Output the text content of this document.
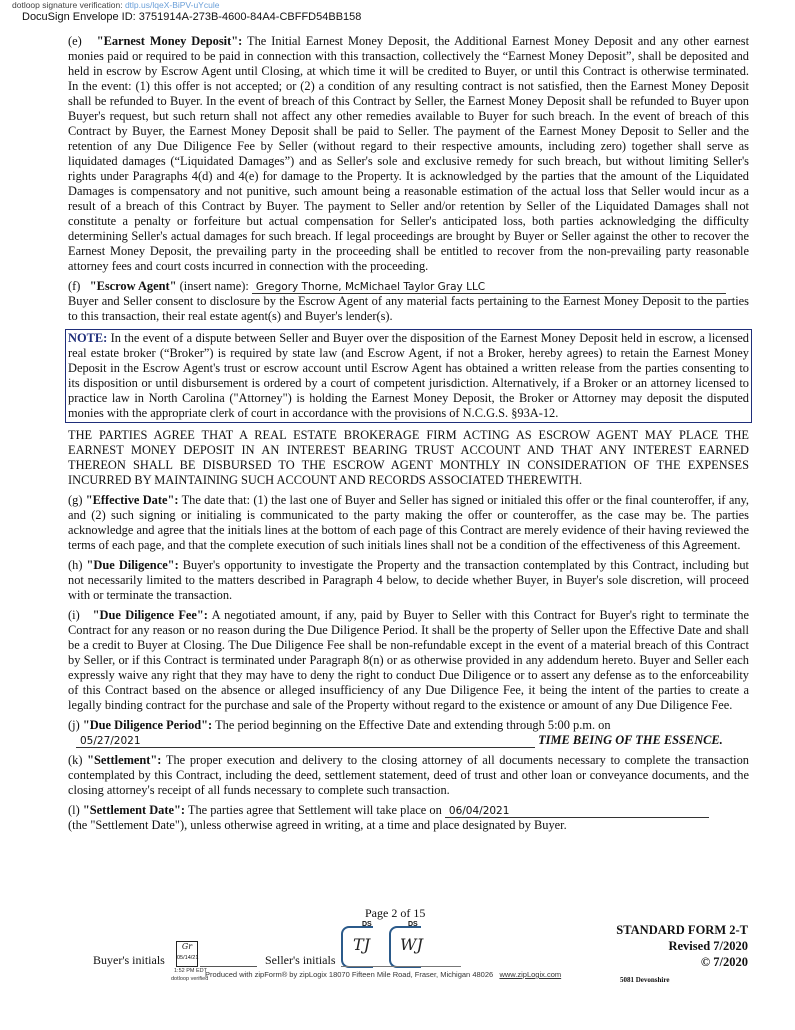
dotloop signature verification: dtlp.us/lqeX-BiPV-uYcule
DocuSign Envelope ID: 3751914A-273B-4600-84A4-CBFFD54BB158

(e) "Earnest Money Deposit": The Initial Earnest Money Deposit, the Additional Earnest Money Deposit and any other earnest monies paid or required to be paid in connection with this transaction, collectively the “Earnest Money Deposit”, shall be deposited and held in escrow by Escrow Agent until Closing, at which time it will be credited to Buyer, or until this Contract is otherwise terminated. In the event: (1) this offer is not accepted; or (2) a condition of any resulting contract is not satisfied, then the Earnest Money Deposit shall be refunded to Buyer. In the event of breach of this Contract by Seller, the Earnest Money Deposit shall be refunded to Buyer upon Buyer's request, but such return shall not affect any other remedies available to Buyer for such breach. In the event of breach of this Contract by Buyer, the Earnest Money Deposit shall be paid to Seller. The payment of the Earnest Money Deposit to Seller and the retention of any Due Diligence Fee by Seller (without regard to their respective amounts, including zero) together shall serve as liquidated damages (“Liquidated Damages”) and as Seller's sole and exclusive remedy for such breach, but without limiting Seller's rights under Paragraphs 4(d) and 4(e) for damage to the Property. It is acknowledged by the parties that the amount of the Liquidated Damages is compensatory and not punitive, such amount being a reasonable estimation of the actual loss that Seller would incur as a result of a breach of this Contract by Buyer. The payment to Seller and/or retention by Seller of the Liquidated Damages shall not constitute a penalty or forfeiture but actual compensation for Seller's anticipated loss, both parties acknowledging the difficulty determining Seller's actual damages for such breach. If legal proceedings are brought by Buyer or Seller against the other to recover the Earnest Money Deposit, the prevailing party in the proceeding shall be entitled to recover from the non-prevailing party reasonable attorney fees and court costs incurred in connection with the proceeding.

(f) "Escrow Agent" (insert name): Gregory Thorne, McMichael Taylor Gray LLC
Buyer and Seller consent to disclosure by the Escrow Agent of any material facts pertaining to the Earnest Money Deposit to the parties to this transaction, their real estate agent(s) and Buyer's lender(s).

NOTE: In the event of a dispute between Seller and Buyer over the disposition of the Earnest Money Deposit held in escrow, a licensed real estate broker (“Broker”) is required by state law (and Escrow Agent, if not a Broker, hereby agrees) to retain the Earnest Money Deposit in the Escrow Agent's trust or escrow account until Escrow Agent has obtained a written release from the parties consenting to its disposition or until disbursement is ordered by a court of competent jurisdiction. Alternatively, if a Broker or an attorney licensed to practice law in North Carolina ("Attorney") is holding the Earnest Money Deposit, the Broker or Attorney may deposit the disputed monies with the appropriate clerk of court in accordance with the provisions of N.C.G.S. §93A-12.

THE PARTIES AGREE THAT A REAL ESTATE BROKERAGE FIRM ACTING AS ESCROW AGENT MAY PLACE THE EARNEST MONEY DEPOSIT IN AN INTEREST BEARING TRUST ACCOUNT AND THAT ANY INTEREST EARNED THEREON SHALL BE DISBURSED TO THE ESCROW AGENT MONTHLY IN CONSIDERATION OF THE EXPENSES INCURRED BY MAINTAINING SUCH ACCOUNT AND RECORDS ASSOCIATED THEREWITH.

(g) "Effective Date": The date that: (1) the last one of Buyer and Seller has signed or initialed this offer or the final counteroffer, if any, and (2) such signing or initialing is communicated to the party making the offer or counteroffer, as the case may be. The parties acknowledge and agree that the initials lines at the bottom of each page of this Contract are merely evidence of their having reviewed the terms of each page, and that the complete execution of such initials lines shall not be a condition of the effectiveness of this Agreement.

(h) "Due Diligence": Buyer's opportunity to investigate the Property and the transaction contemplated by this Contract, including but not necessarily limited to the matters described in Paragraph 4 below, to decide whether Buyer, in Buyer's sole discretion, will proceed with or terminate the transaction.

(i) "Due Diligence Fee": A negotiated amount, if any, paid by Buyer to Seller with this Contract for Buyer's right to terminate the Contract for any reason or no reason during the Due Diligence Period. It shall be the property of Seller upon the Effective Date and shall be a credit to Buyer at Closing. The Due Diligence Fee shall be non-refundable except in the event of a material breach of this Contract by Seller, or if this Contract is terminated under Paragraph 8(n) or as otherwise provided in any addendum hereto. Buyer and Seller each expressly waive any right that they may have to deny the right to conduct Due Diligence or to assert any defense as to the enforceability of this Contract based on the absence or alleged insufficiency of any Due Diligence Fee, it being the intent of the parties to create a legally binding contract for the purchase and sale of the Property without regard to the existence or amount of any Due Diligence Fee.

(j) "Due Diligence Period": The period beginning on the Effective Date and extending through 5:00 p.m. on
05/27/2021	TIME BEING OF THE ESSENCE.

(k) "Settlement": The proper execution and delivery to the closing attorney of all documents necessary to complete the transaction contemplated by this Contract, including the deed, settlement statement, deed of trust and other loan or conveyance documents, and the closing attorney's receipt of all funds necessary to complete such transaction.

(l) "Settlement Date": The parties agree that Settlement will take place on 06/04/2021
(the "Settlement Date"), unless otherwise agreed in writing, at a time and place designated by Buyer.

Page 2 of 15
Buyer's initials
Gr
05/14/21
1:52 PM EDT
dotloop verified
Seller's initials
DS
TJ
DS
WJ
Produced with zipForm® by zipLogix 18070 Fifteen Mile Road, Fraser, Michigan 48026 www.zipLogix.com
STANDARD FORM 2-T
Revised 7/2020
© 7/2020
5081 Devonshire
